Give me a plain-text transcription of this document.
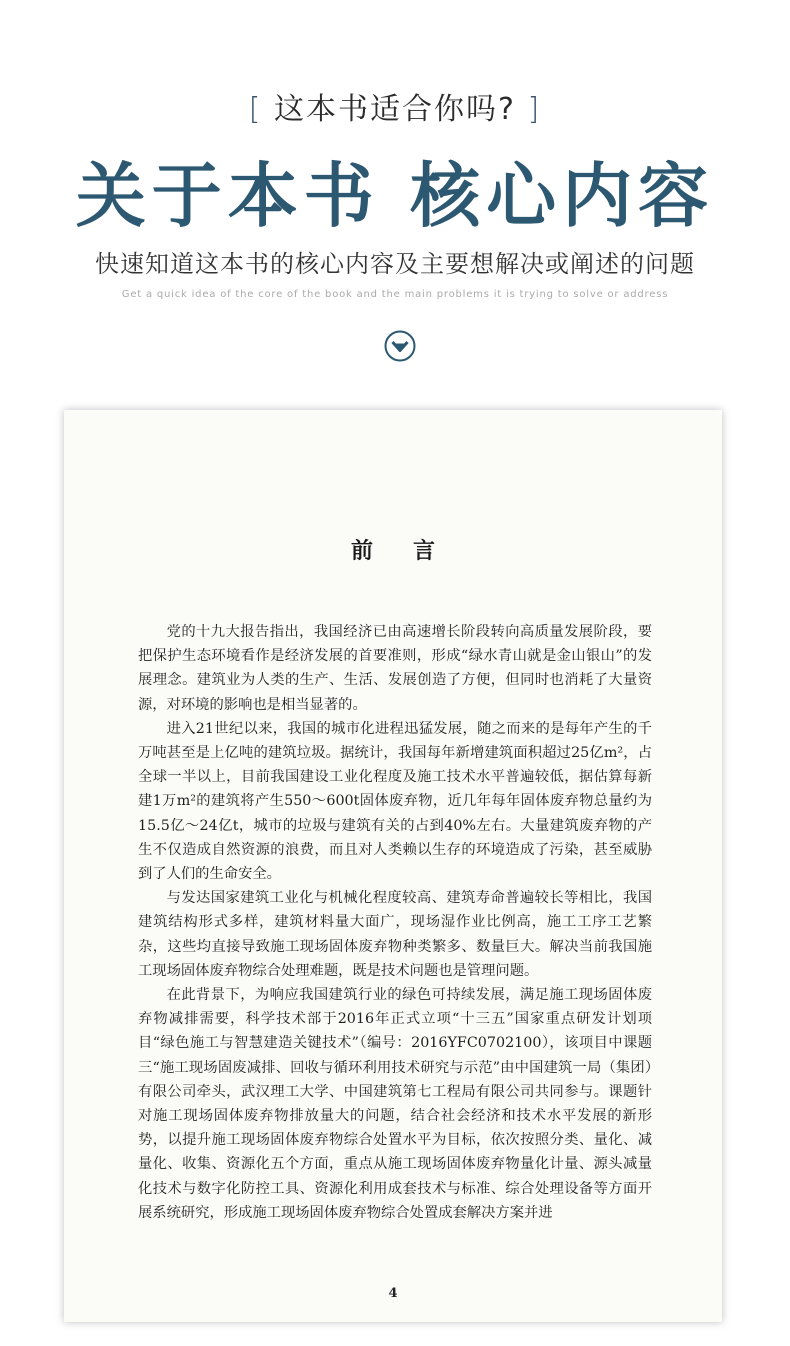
[ 这本书适合你吗? ]
关于本书 核心内容
快速知道这本书的核心内容及主要想解决或阐述的问题
Get a quick idea of the core of the book and the main problems it is trying to solve or address
前言

党的十九大报告指出，我国经济已由高速增长阶段转向高质量发展阶段，要把保护生态环境看作是经济发展的首要准则，形成“绿水青山就是金山银山”的发展理念。建筑业为人类的生产、生活、发展创造了方便，但同时也消耗了大量资源，对环境的影响也是相当显著的。

进入21世纪以来，我国的城市化进程迅猛发展，随之而来的是每年产生的千万吨甚至是上亿吨的建筑垃圾。据统计，我国每年新增建筑面积超过25亿m²，占全球一半以上，目前我国建设工业化程度及施工技术水平普遍较低，据估算每新建1万m²的建筑将产生550～600t固体废弃物，近几年每年固体废弃物总量约为15.5亿～24亿t，城市的垃圾与建筑有关的占到40%左右。大量建筑废弃物的产生不仅造成自然资源的浪费，而且对人类赖以生存的环境造成了污染，甚至威胁到了人们的生命安全。

与发达国家建筑工业化与机械化程度较高、建筑寿命普遍较长等相比，我国建筑结构形式多样，建筑材料量大面广，现场湿作业比例高，施工工序工艺繁杂，这些均直接导致施工现场固体废弃物种类繁多、数量巨大。解决当前我国施工现场固体废弃物综合处理难题，既是技术问题也是管理问题。

在此背景下，为响应我国建筑行业的绿色可持续发展，满足施工现场固体废弃物减排需要，科学技术部于2016年正式立项“十三五”国家重点研发计划项目“绿色施工与智慧建造关键技术”（编号：2016YFC0702100），该项目中课题三“施工现场固废减排、回收与循环利用技术研究与示范”由中国建筑一局（集团）有限公司牵头，武汉理工大学、中国建筑第七工程局有限公司共同参与。课题针对施工现场固体废弃物排放量大的问题，结合社会经济和技术水平发展的新形势，以提升施工现场固体废弃物综合处置水平为目标，依次按照分类、量化、减量化、收集、资源化五个方面，重点从施工现场固体废弃物量化计量、源头减量化技术与数字化防控工具、资源化利用成套技术与标准、综合处理设备等方面开展系统研究，形成施工现场固体废弃物综合处置成套解决方案并进

4
